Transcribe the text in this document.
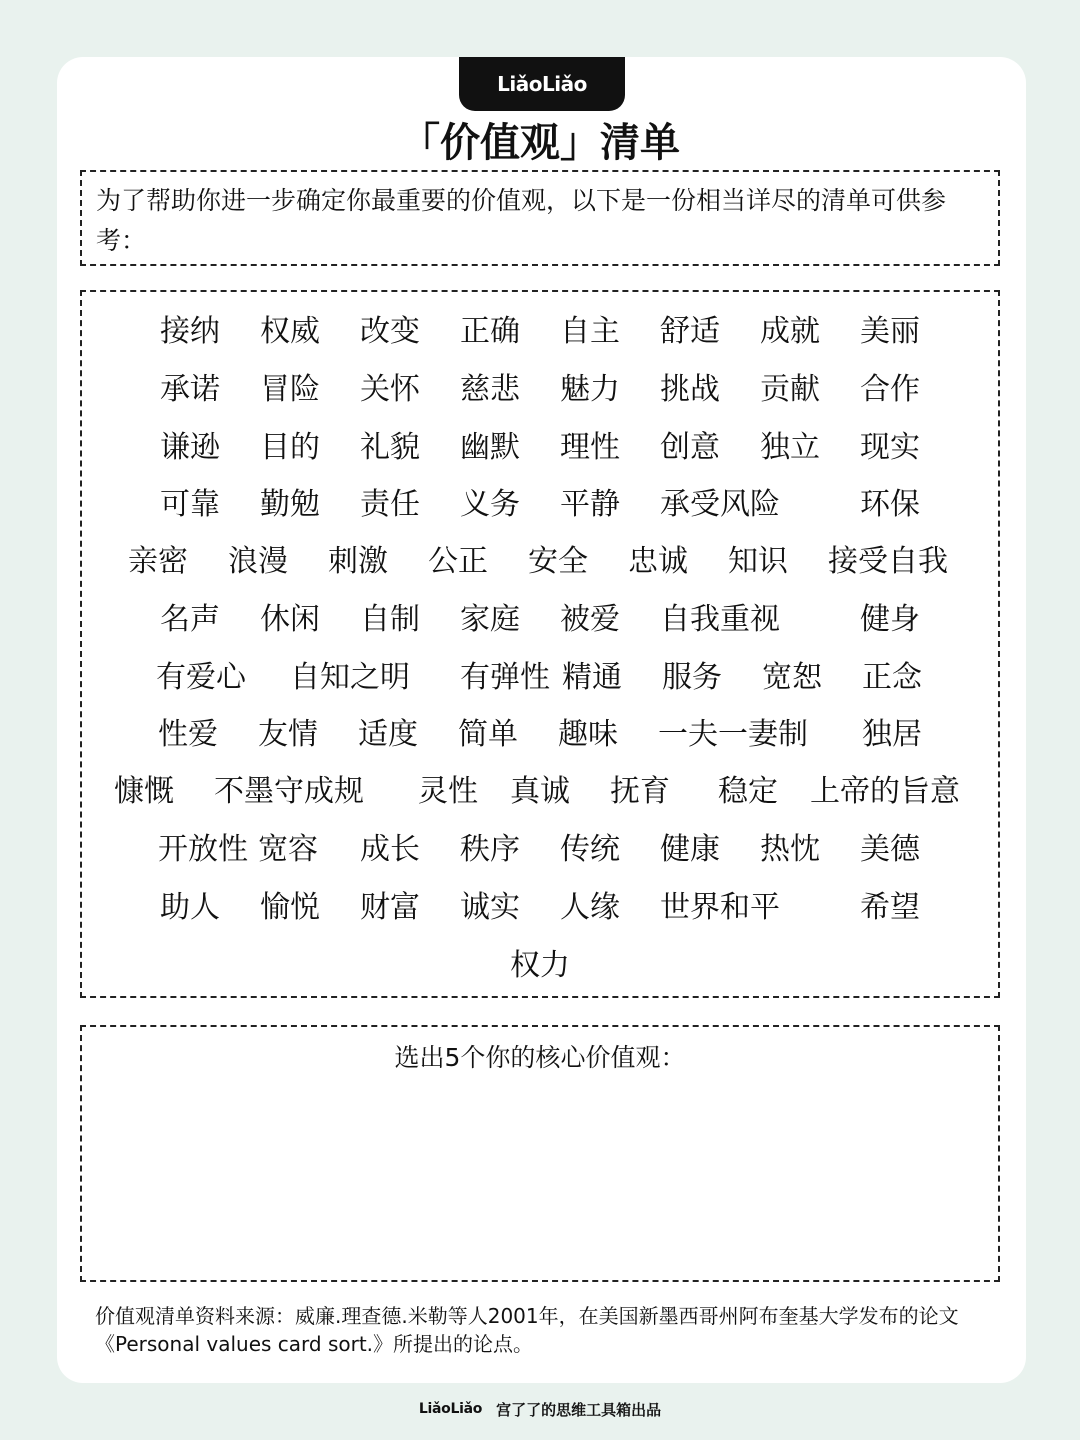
LiǎoLiǎo
「价值观」清单
为了帮助你进一步确定你最重要的价值观，以下是一份相当详尽的清单可供参考：
接纳 权威 改变 正确 自主 舒适 成就 美丽
承诺 冒险 关怀 慈悲 魅力 挑战 贡献 合作
谦逊 目的 礼貌 幽默 理性 创意 独立 现实
可靠 勤勉 责任 义务 平静 承受风险	环保
亲密 浪漫 刺激 公正 安全 忠诚 知识 接受自我
名声 休闲 自制 家庭 被爱 自我重视	健身
有爱心 自知之明 有弹性 精通 服务 宽恕 正念
性爱 友情 适度 简单 趣味 一夫一妻制 独居
慷慨 不墨守成规 灵性 真诚 抚育 稳定 上帝的旨意
开放性 宽容 成长 秩序 传统 健康 热忱 美德
助人 愉悦 财富 诚实 人缘 世界和平	希望
权力
选出5个你的核心价值观：
价值观清单资料来源：威廉.理查德.米勒等人2001年，在美国新墨西哥州阿布奎基大学发布的论文《Personal values card sort.》所提出的论点。
LiǎoLiǎo 宫了了的思维工具箱出品
